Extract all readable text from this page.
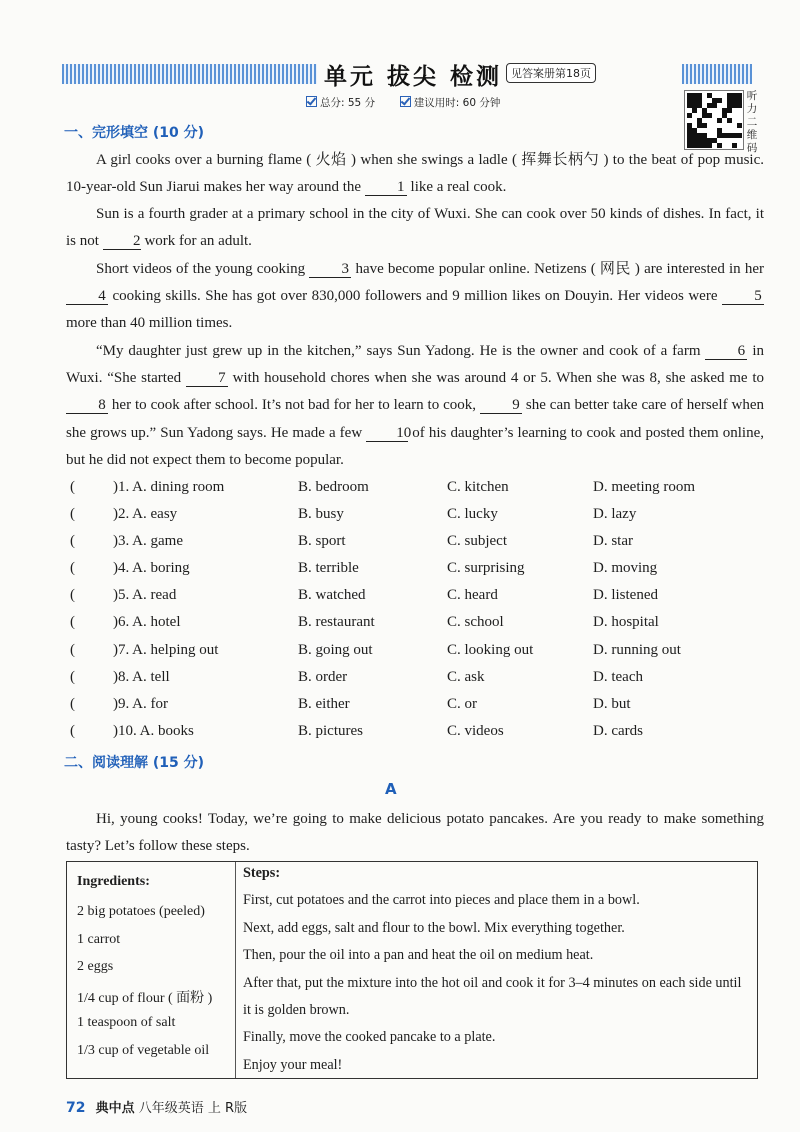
单元 拔尖 检测 见答案册第18页
总分: 55 分	建议用时: 60 分钟
听力二维码
一、完形填空 (10 分)
A girl cooks over a burning flame ( 火焰 ) when she swings a ladle ( 挥舞长柄勺 ) to the beat of pop music. 10-year-old Sun Jiarui makes her way around the 1 like a real cook.
Sun is a fourth grader at a primary school in the city of Wuxi. She can cook over 50 kinds of dishes. In fact, it is not 2 work for an adult.
Short videos of the young cooking 3 have become popular online. Netizens ( 网民 ) are interested in her 4 cooking skills. She has got over 830,000 followers and 9 million likes on Douyin. Her videos were 5 more than 40 million times.
“My daughter just grew up in the kitchen,” says Sun Yadong. He is the owner and cook of a farm 6 in Wuxi. “She started 7 with household chores when she was around 4 or 5. When she was 8, she asked me to 8 her to cook after school. It’s not bad for her to learn to cook, 9 she can better take care of herself when she grows up.” Sun Yadong says. He made a few 10 of his daughter’s learning to cook and posted them online, but he did not expect them to become popular.
(	) 1. A. dining room	B. bedroom	C. kitchen	D. meeting room
(	) 2. A. easy	B. busy	C. lucky	D. lazy
(	) 3. A. game	B. sport	C. subject	D. star
(	) 4. A. boring	B. terrible	C. surprising	D. moving
(	) 5. A. read	B. watched	C. heard	D. listened
(	) 6. A. hotel	B. restaurant	C. school	D. hospital
(	) 7. A. helping out	B. going out	C. looking out	D. running out
(	) 8. A. tell	B. order	C. ask	D. teach
(	) 9. A. for	B. either	C. or	D. but
(	) 10. A. books	B. pictures	C. videos	D. cards
二、阅读理解 (15 分)
A
Hi, young cooks! Today, we’re going to make delicious potato pancakes. Are you ready to make something tasty? Let’s follow these steps.
Ingredients:
2 big potatoes (peeled)
1 carrot
2 eggs
1/4 cup of flour ( 面粉 )
1 teaspoon of salt
1/3 cup of vegetable oil
Steps:
First, cut potatoes and the carrot into pieces and place them in a bowl.
Next, add eggs, salt and flour to the bowl. Mix everything together.
Then, pour the oil into a pan and heat the oil on medium heat.
After that, put the mixture into the hot oil and cook it for 3–4 minutes on each side until it is golden brown.
Finally, move the cooked pancake to a plate.
Enjoy your meal!
72 典中点 八年级英语 上 R版
